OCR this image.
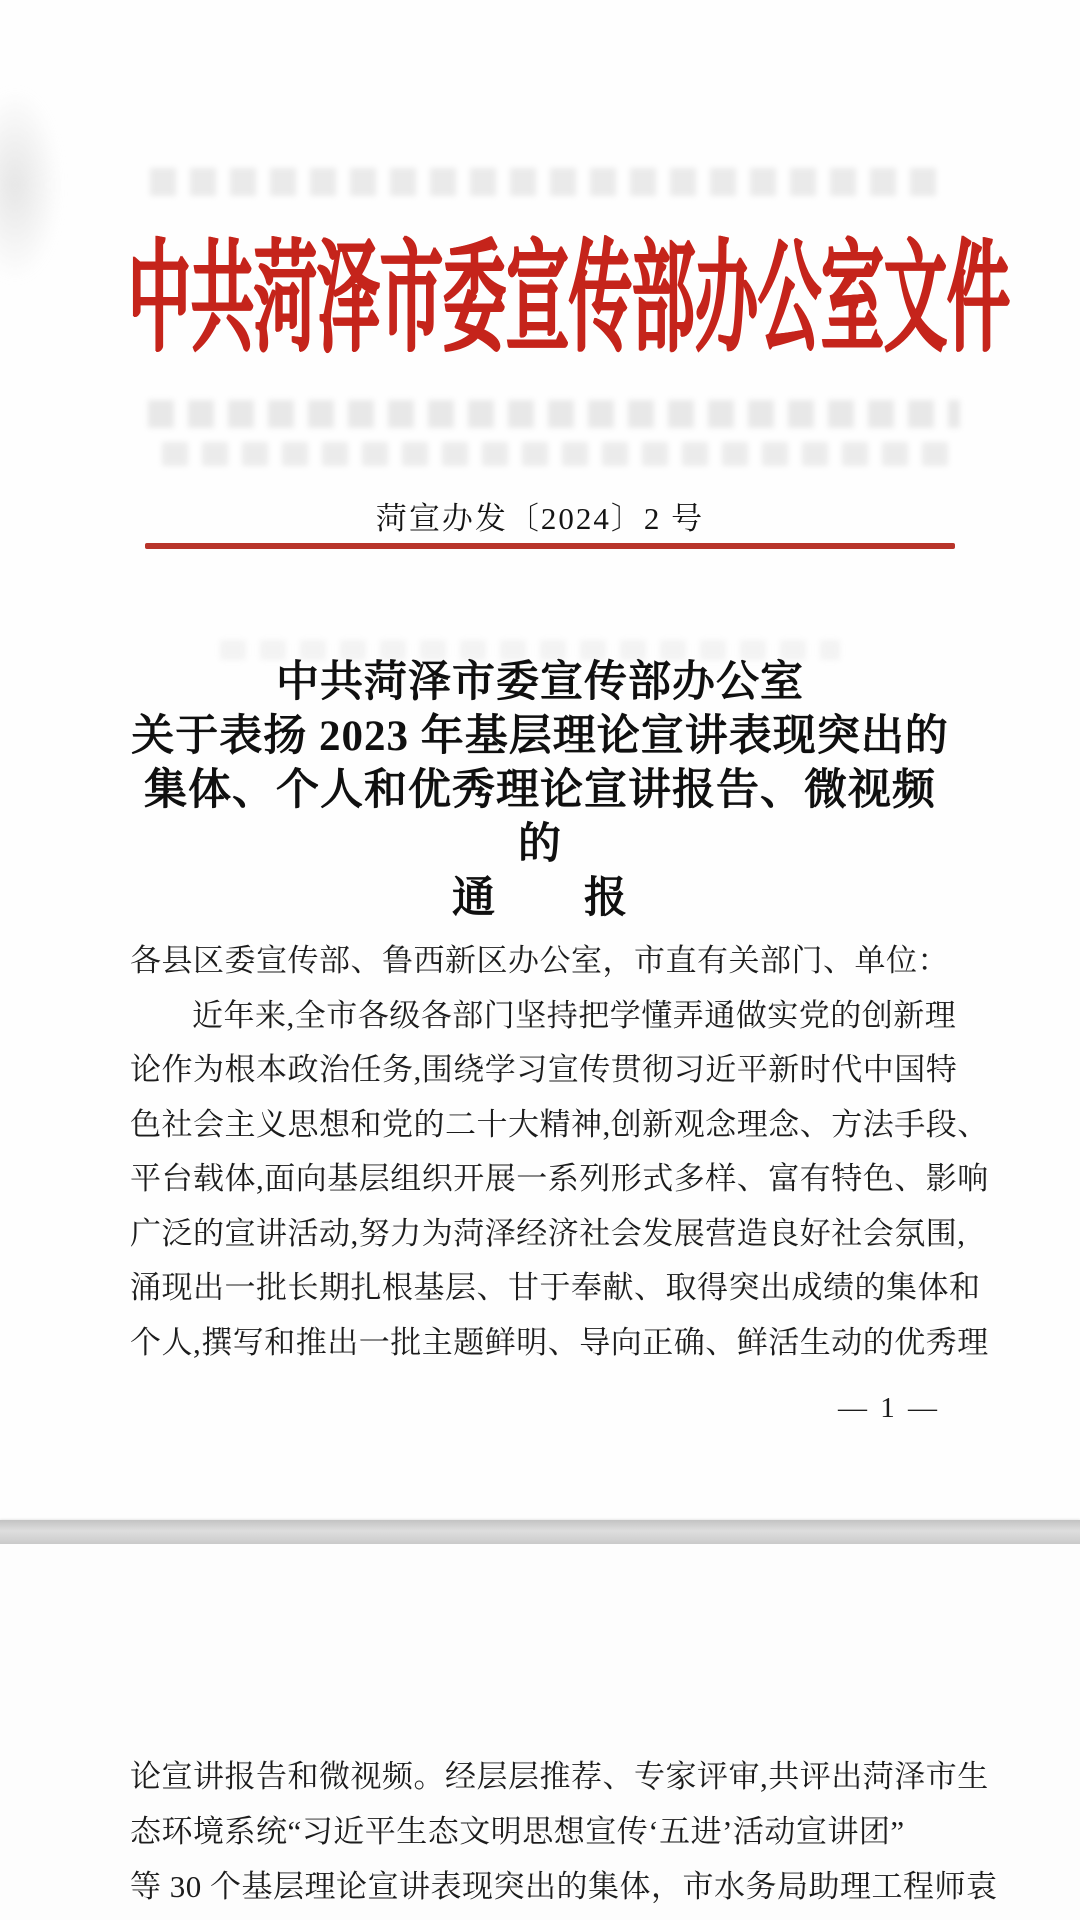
中共菏泽市委宣传部办公室文件
菏宣办发〔2024〕2 号
中共菏泽市委宣传部办公室
关于表扬 2023 年基层理论宣讲表现突出的
集体、个人和优秀理论宣讲报告、微视频的
通　　报
各县区委宣传部、鲁西新区办公室，市直有关部门、单位：
近年来,全市各级各部门坚持把学懂弄通做实党的创新理
论作为根本政治任务,围绕学习宣传贯彻习近平新时代中国特
色社会主义思想和党的二十大精神,创新观念理念、方法手段、
平台载体,面向基层组织开展一系列形式多样、富有特色、影响
广泛的宣讲活动,努力为菏泽经济社会发展营造良好社会氛围,
涌现出一批长期扎根基层、甘于奉献、取得突出成绩的集体和
个人,撰写和推出一批主题鲜明、导向正确、鲜活生动的优秀理
— 1 —
论宣讲报告和微视频。经层层推荐、专家评审,共评出菏泽市生
态环境系统“习近平生态文明思想宣传‘五进’活动宣讲团”
等 30 个基层理论宣讲表现突出的集体，市水务局助理工程师袁
